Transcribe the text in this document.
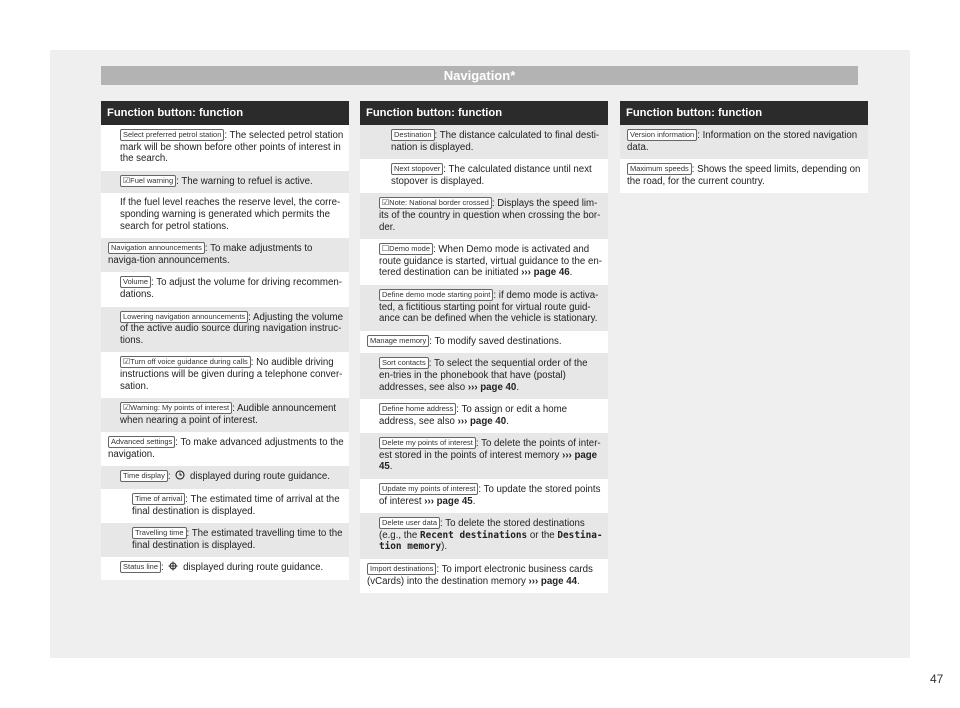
Navigation*
Function button: function
Select preferred petrol station : The selected petrol station mark will be shown before other points of interest in the search.
☑ Fuel warning : The warning to refuel is active.
If the fuel level reaches the reserve level, the corre-sponding warning is generated which permits the search for petrol stations.
Navigation announcements : To make adjustments to naviga-tion announcements.
Volume : To adjust the volume for driving recommen-dations.
Lowering navigation announcements : Adjusting the volume of the active audio source during navigation instruc-tions.
☑ Turn off voice guidance during calls : No audible driving instructions will be given during a telephone conver-sation.
☑ Warning: My points of interest : Audible announcement when nearing a point of interest.
Advanced settings : To make advanced adjustments to the navigation.
Time display : displayed during route guidance.
Time of arrival : The estimated time of arrival at the final destination is displayed.
Travelling time : The estimated travelling time to the final destination is displayed.
Status line : displayed during route guidance.
Function button: function
Destination : The distance calculated to final desti-nation is displayed.
Next stopover : The calculated distance until next stopover is displayed.
☑ Note: National border crossed : Displays the speed lim-its of the country in question when crossing the bor-der.
☐ Demo mode : When Demo mode is activated and route guidance is started, virtual guidance to the en-tered destination can be initiated ››› page 46.
Define demo mode starting point : if demo mode is activa-ted, a fictitious starting point for virtual route guid-ance can be defined when the vehicle is stationary.
Manage memory : To modify saved destinations.
Sort contacts : To select the sequential order of the en-tries in the phonebook that have (postal) addresses, see also ››› page 40.
Define home address : To assign or edit a home address, see also ››› page 40.
Delete my points of interest : To delete the points of inter-est stored in the points of interest memory ››› page 45.
Update my points of interest : To update the stored points of interest ››› page 45.
Delete user data : To delete the stored destinations (e.g., the Recent destinations or the Destina-tion memory).
Import destinations : To import electronic business cards (vCards) into the destination memory ››› page 44.
Function button: function
Version information : Information on the stored navigation data.
Maximum speeds : Shows the speed limits, depending on the road, for the current country.
47
